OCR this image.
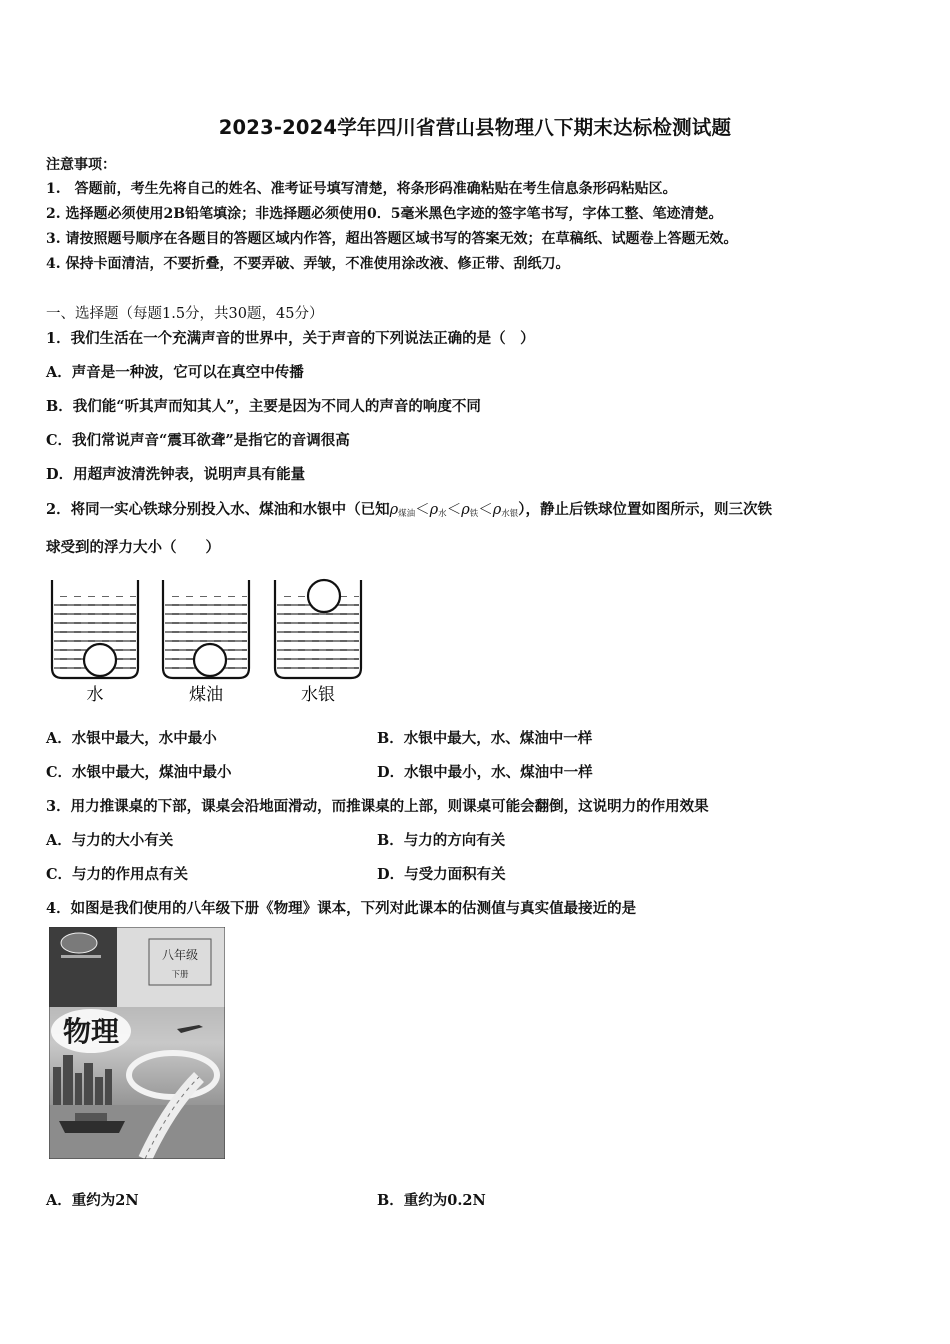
2023-2024学年四川省营山县物理八下期末达标检测试题
注意事项：
1.　答题前，考生先将自己的姓名、准考证号填写清楚，将条形码准确粘贴在考生信息条形码粘贴区。
2. 选择题必须使用2B铅笔填涂；非选择题必须使用0．5毫米黑色字迹的签字笔书写，字体工整、笔迹清楚。
3. 请按照题号顺序在各题目的答题区域内作答，超出答题区域书写的答案无效；在草稿纸、试题卷上答题无效。
4. 保持卡面清洁，不要折叠，不要弄破、弄皱，不准使用涂改液、修正带、刮纸刀。
一、选择题（每题1.5分，共30题，45分）
1．我们生活在一个充满声音的世界中，关于声音的下列说法正确的是（　）
A．声音是一种波，它可以在真空中传播
B．我们能“听其声而知其人”，主要是因为不同人的声音的响度不同
C．我们常说声音“震耳欲聋”是指它的音调很高
D．用超声波清洗钟表，说明声具有能量
2．将同一实心铁球分别投入水、煤油和水银中（已知$\rho_{煤油}<\rho_水<\rho_铁<\rho_{水银}$），静止后铁球位置如图所示，则三次铁
球受到的浮力大小（　　）
水	煤油	水银
A．水银中最大，水中最小	B．水银中最大，水、煤油中一样
C．水银中最大，煤油中最小	D．水银中最小，水、煤油中一样
3．用力推课桌的下部，课桌会沿地面滑动，而推课桌的上部，则课桌可能会翻倒，这说明力的作用效果
A．与力的大小有关	B．与力的方向有关
C．与力的作用点有关	D．与受力面积有关
4．如图是我们使用的八年级下册《物理》课本，下列对此课本的估测值与真实值最接近的是
八年级
下册
物理
A．重约为2N	B．重约为0.2N
